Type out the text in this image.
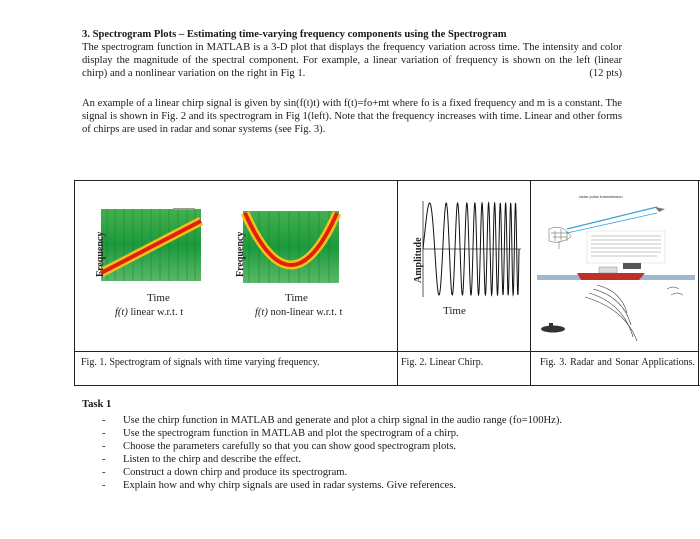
3. Spectrogram Plots – Estimating time-varying frequency components using the Spectrogram

The spectrogram function in MATLAB is a 3-D plot that displays the frequency variation across time. The intensity and color display the magnitude of the spectral component. For example, a linear variation of frequency is shown on the left (linear chirp) and a nonlinear variation on the right in Fig 1.	(12 pts)

An example of a linear chirp signal is given by sin(f(t)t) with f(t)=fo+mt where fo is a fixed frequency and m is a constant. The signal is shown in Fig. 2 and its spectrogram in Fig 1(left). Note that the frequency increases with time. Linear and other forms of chirps are used in radar and sonar systems (see Fig. 3).

Frequency
Time
f(t) linear w.r.t. t
Frequency
Time
f(t) non-linear w.r.t. t
Amplitude
Time
radar pulse transmission
Fig. 1. Spectrogram of signals with time varying frequency.	Fig. 2. Linear Chirp.	Fig. 3. Radar and Sonar Applications.
Task 1
- Use the chirp function in MATLAB and generate and plot a chirp signal in the audio range (fo=100Hz).
- Use the spectrogram function in MATLAB and plot the spectrogram of a chirp.
- Choose the parameters carefully so that you can show good spectrogram plots.
- Listen to the chirp and describe the effect.
- Construct a down chirp and produce its spectrogram.
- Explain how and why chirp signals are used in radar systems. Give references.
